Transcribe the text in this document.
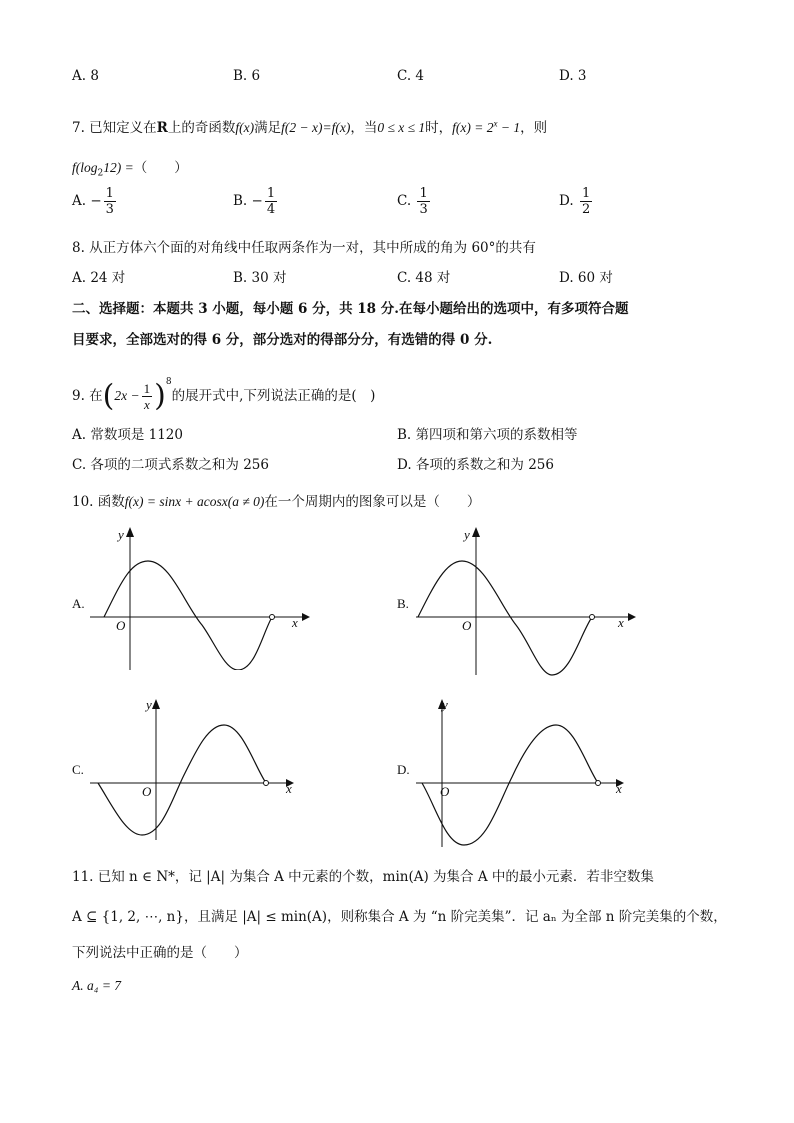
A. 8	B. 6	C. 4	D. 3
7. 已知定义在R上的奇函数f(x)满足f(2 − x)=f(x)，当0 ≤ x ≤ 1时，$f(x) = 2^x - 1$，则
$f(\log_212)$ =（　　）
A. − $\frac{1}{3}$	B. − $\frac{1}{4}$	C. $\frac{1}{3}$	D. $\frac{1}{2}$
8. 从正方体六个面的对角线中任取两条作为一对，其中所成的角为 60°的共有
A. 24 对	B. 30 对	C. 48 对	D. 60 对
二、选择题：本题共 3 小题，每小题 6 分，共 18 分.在每小题给出的选项中，有多项符合题
目要求，全部选对的得 6 分，部分选对的得部分分，有选错的得 0 分.
9. 在$(2x - \frac{1}{x} )^8$的展开式中,下列说法正确的是(　)
A. 常数项是 1120	B. 第四项和第六项的系数相等
C. 各项的二项式系数之和为 256	D. 各项的系数之和为 256
10. 函数f(x) = sinx + acosx(a ≠ 0)在一个周期内的图象可以是（　　）
A.
y
x
O
B.
y
x
O
C.
y
x
O
D.
y
x
O
11. 已知 n ∈ N*，记 |A| 为集合 A 中元素的个数，min(A) 为集合 A 中的最小元素．若非空数集
A ⊆ {1, 2, ⋯, n}，且满足 |A| ≤ min(A)，则称集合 A 为 “n 阶完美集”．记 aₙ 为全部 n 阶完美集的个数，
下列说法中正确的是（　　）
A. a₄ = 7
